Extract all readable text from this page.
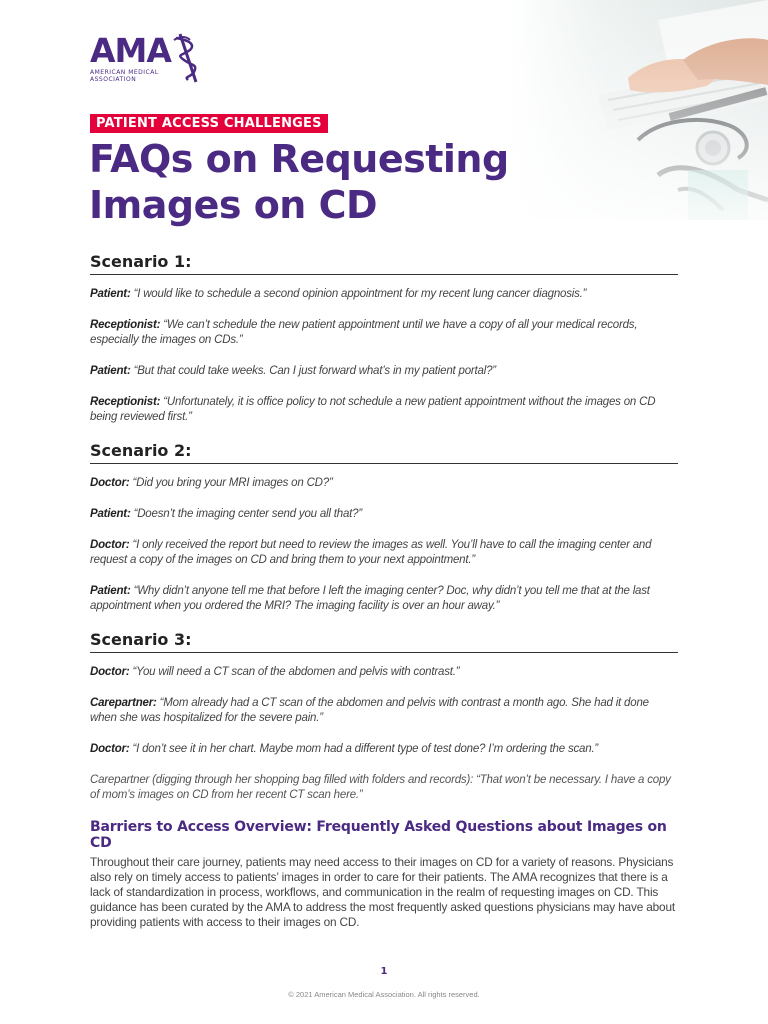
AMA
AMERICAN MEDICAL
ASSOCIATION
PATIENT ACCESS CHALLENGES
FAQs on Requesting
Images on CD
Scenario 1:

Patient: “I would like to schedule a second opinion appointment for my recent lung cancer diagnosis.”

Receptionist: “We can’t schedule the new patient appointment until we have a copy of all your medical records, especially the images on CDs.”

Patient: “But that could take weeks. Can I just forward what’s in my patient portal?”

Receptionist: “Unfortunately, it is office policy to not schedule a new patient appointment without the images on CD being reviewed first.”

Scenario 2:

Doctor: “Did you bring your MRI images on CD?”

Patient: “Doesn’t the imaging center send you all that?”

Doctor: “I only received the report but need to review the images as well. You’ll have to call the imaging center and request a copy of the images on CD and bring them to your next appointment.”

Patient: “Why didn’t anyone tell me that before I left the imaging center? Doc, why didn’t you tell me that at the last appointment when you ordered the MRI? The imaging facility is over an hour away.”

Scenario 3:

Doctor: “You will need a CT scan of the abdomen and pelvis with contrast.”

Carepartner: “Mom already had a CT scan of the abdomen and pelvis with contrast a month ago. She had it done when she was hospitalized for the severe pain.”

Doctor: “I don’t see it in her chart. Maybe mom had a different type of test done? I’m ordering the scan.”

Carepartner (digging through her shopping bag filled with folders and records): “That won’t be necessary. I have a copy of mom’s images on CD from her recent CT scan here.”

Barriers to Access Overview: Frequently Asked Questions about Images on CD

Throughout their care journey, patients may need access to their images on CD for a variety of reasons. Physicians also rely on timely access to patients’ images in order to care for their patients. The AMA recognizes that there is a lack of standardization in process, workflows, and communication in the realm of requesting images on CD. This guidance has been curated by the AMA to address the most frequently asked questions physicians may have about providing patients with access to their images on CD.

1
© 2021 American Medical Association. All rights reserved.
